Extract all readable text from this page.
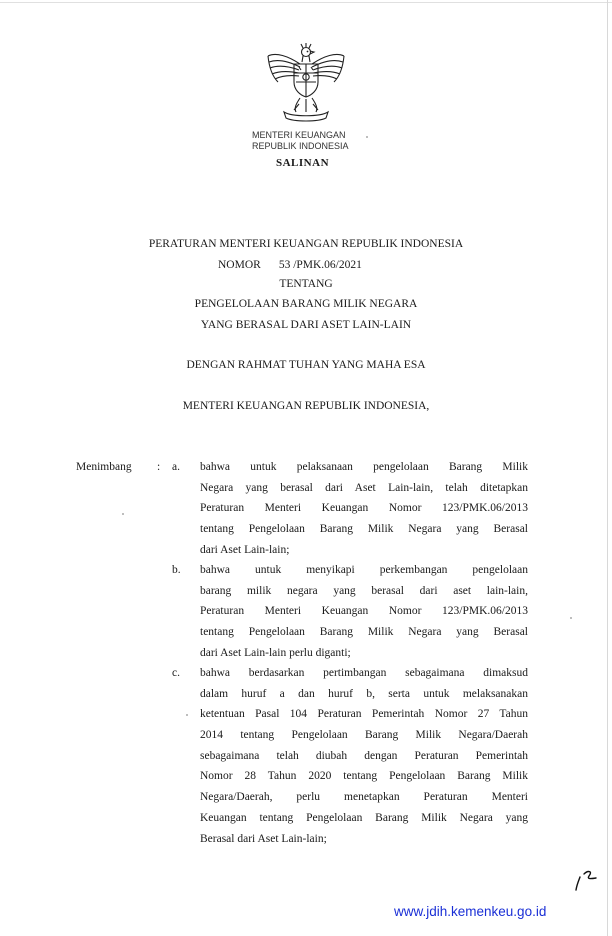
MENTERI KEUANGAN
REPUBLIK INDONESIA
SALINAN
PERATURAN MENTERI KEUANGAN REPUBLIK INDONESIA
NOMOR 53 /PMK.06/2021
TENTANG
PENGELOLAAN BARANG MILIK NEGARA
YANG BERASAL DARI ASET LAIN-LAIN
DENGAN RAHMAT TUHAN YANG MAHA ESA
MENTERI KEUANGAN REPUBLIK INDONESIA,
Menimbang : a. bahwa untuk pelaksanaan pengelolaan Barang Milik
Negara yang berasal dari Aset Lain-lain, telah ditetapkan
Peraturan Menteri Keuangan Nomor 123/PMK.06/2013
tentang Pengelolaan Barang Milik Negara yang Berasal
dari Aset Lain-lain;
b. bahwa untuk menyikapi perkembangan pengelolaan
barang milik negara yang berasal dari aset lain-lain,
Peraturan Menteri Keuangan Nomor 123/PMK.06/2013
tentang Pengelolaan Barang Milik Negara yang Berasal
dari Aset Lain-lain perlu diganti;
c. bahwa berdasarkan pertimbangan sebagaimana dimaksud
dalam huruf a dan huruf b, serta untuk melaksanakan
ketentuan Pasal 104 Peraturan Pemerintah Nomor 27 Tahun
2014 tentang Pengelolaan Barang Milik Negara/Daerah
sebagaimana telah diubah dengan Peraturan Pemerintah
Nomor 28 Tahun 2020 tentang Pengelolaan Barang Milik
Negara/Daerah, perlu menetapkan Peraturan Menteri
Keuangan tentang Pengelolaan Barang Milik Negara yang
Berasal dari Aset Lain-lain;
www.jdih.kemenkeu.go.id
